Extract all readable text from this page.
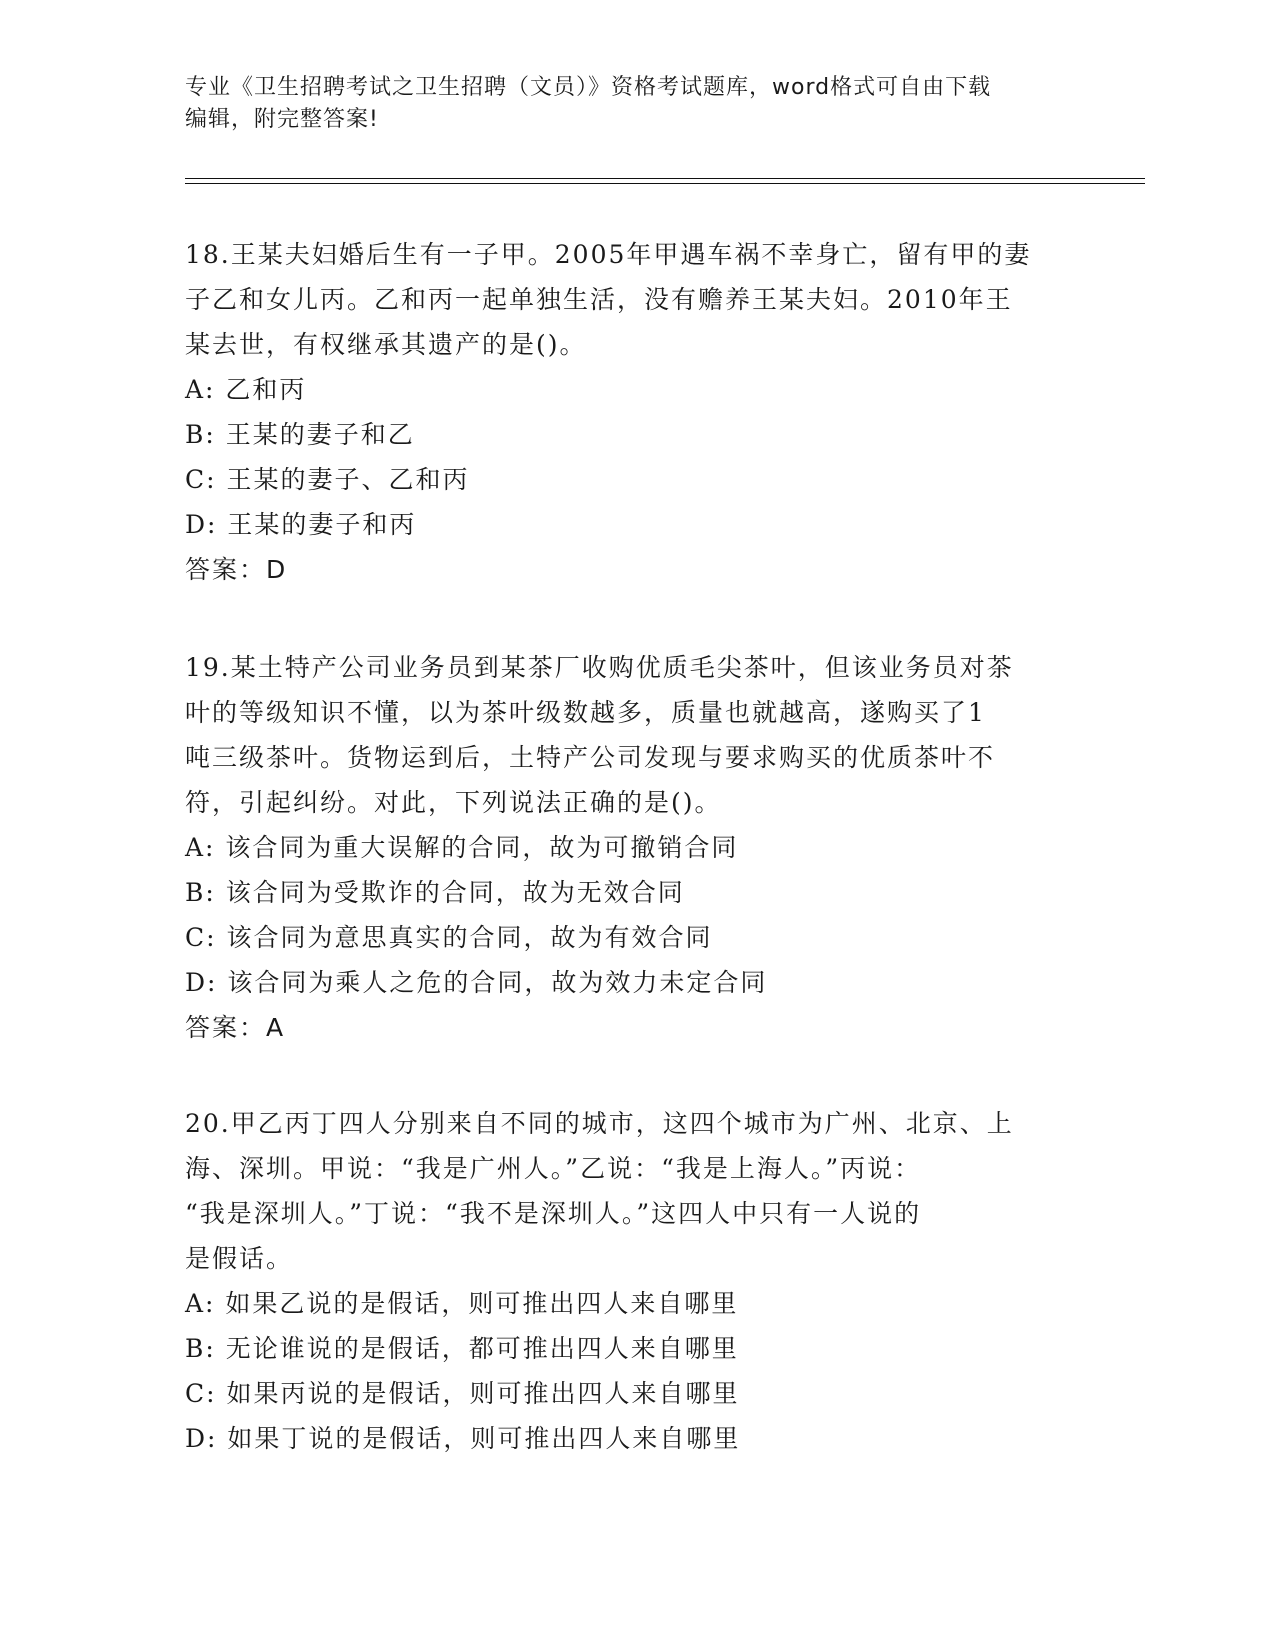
专业《卫生招聘考试之卫生招聘（文员）》资格考试题库，word格式可自由下载
编辑，附完整答案!

18.王某夫妇婚后生有一子甲。2005年甲遇车祸不幸身亡，留有甲的妻

子乙和女儿丙。乙和丙一起单独生活，没有赡养王某夫妇。2010年王

某去世，有权继承其遗产的是()。

A: 乙和丙

B: 王某的妻子和乙

C: 王某的妻子、乙和丙

D: 王某的妻子和丙

答案：D

19.某土特产公司业务员到某茶厂收购优质毛尖茶叶，但该业务员对茶

叶的等级知识不懂，以为茶叶级数越多，质量也就越高，遂购买了1

吨三级茶叶。货物运到后，土特产公司发现与要求购买的优质茶叶不

符，引起纠纷。对此，下列说法正确的是()。

A: 该合同为重大误解的合同，故为可撤销合同

B: 该合同为受欺诈的合同，故为无效合同

C: 该合同为意思真实的合同，故为有效合同

D: 该合同为乘人之危的合同，故为效力未定合同

答案：A

20.甲乙丙丁四人分别来自不同的城市，这四个城市为广州、北京、上

海、深圳。甲说：“我是广州人。”乙说：“我是上海人。”丙说：

“我是深圳人。”丁说：“我不是深圳人。”这四人中只有一人说的

是假话。

A: 如果乙说的是假话，则可推出四人来自哪里

B: 无论谁说的是假话，都可推出四人来自哪里

C: 如果丙说的是假话，则可推出四人来自哪里

D: 如果丁说的是假话，则可推出四人来自哪里
